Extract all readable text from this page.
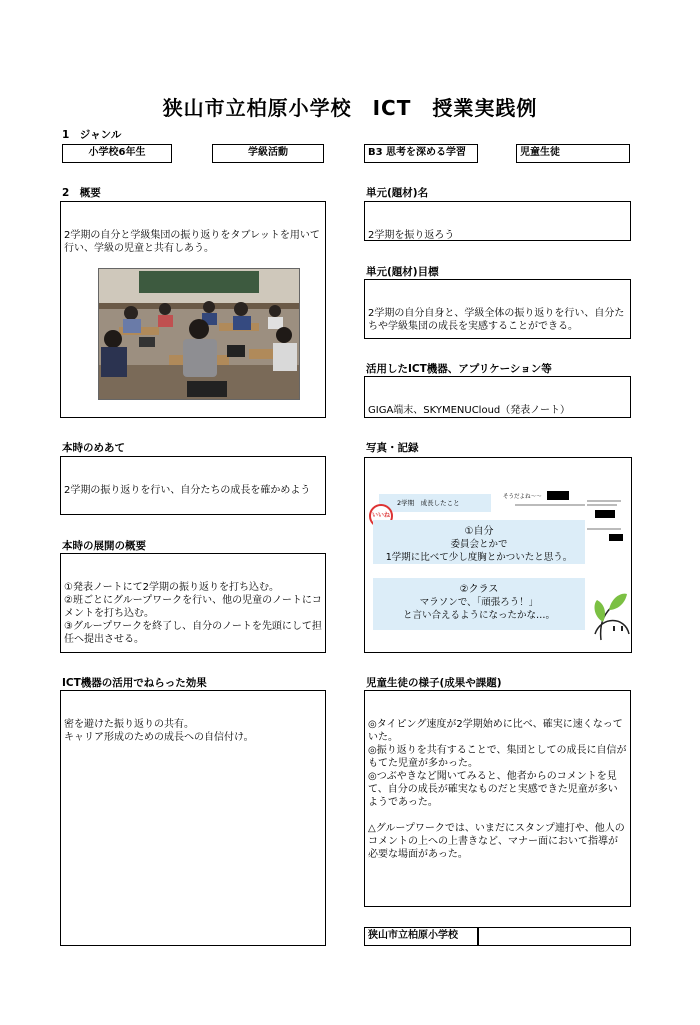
狭山市立柏原小学校　ICT　授業実践例
1　ジャンル
小学校6年生	学級活動	B3 思考を深める学習	児童生徒
2　概要

2学期の自分と学級集団の振り返りをタブレットを用いて行い、学級の児童と共有しあう。

単元(題材)名

2学期を振り返ろう

単元(題材)目標

2学期の自分自身と、学級全体の振り返りを行い、自分たちや学級集団の成長を実感することができる。

活用したICT機器、アプリケーション等

GIGA端末、SKYMENUCloud（発表ノート）

本時のめあて

2学期の振り返りを行い、自分たちの成長を確かめよう

写真・記録
2学期　成長したこと
そうだよね～～
いいね
①自分
委員会とかで
1学期に比べて少し度胸とかついたと思う。
②クラス
マラソンで、「頑張ろう！」
と言い合えるようになったかな…。
本時の展開の概要

①発表ノートにて2学期の振り返りを打ち込む。
②班ごとにグループワークを行い、他の児童のノートにコメントを打ち込む。
③グループワークを終了し、自分のノートを先頭にして担任へ提出させる。

ICT機器の活用でねらった効果

密を避けた振り返りの共有。
キャリア形成のための成長への自信付け。

児童生徒の様子(成果や課題)

◎タイピング速度が2学期始めに比べ、確実に速くなっていた。
◎振り返りを共有することで、集団としての成長に自信がもてた児童が多かった。
◎つぶやきなど聞いてみると、他者からのコメントを見て、自分の成長が確実なものだと実感できた児童が多いようであった。

△グループワークでは、いまだにスタンプ連打や、他人のコメントの上への上書きなど、マナー面において指導が必要な場面があった。

狭山市立柏原小学校
